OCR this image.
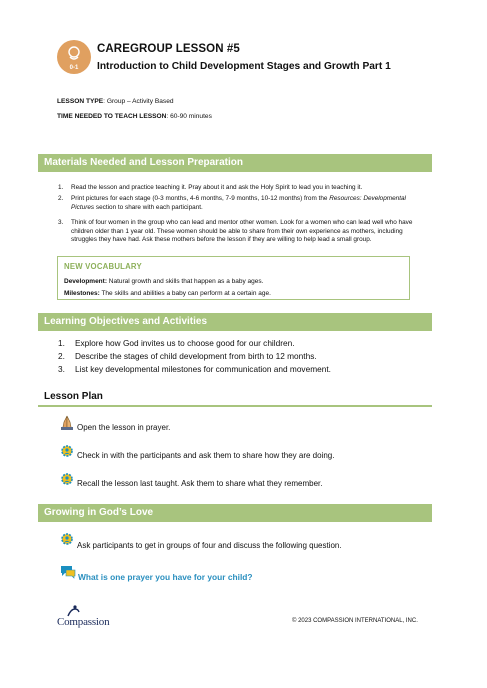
0-1
CAREGROUP LESSON #5
Introduction to Child Development Stages and Growth Part 1
LESSON TYPE: Group – Activity Based
TIME NEEDED TO TEACH LESSON: 60-90 minutes
Materials Needed and Lesson Preparation
1. Read the lesson and practice teaching it. Pray about it and ask the Holy Spirit to lead you in teaching it.
2. Print pictures for each stage (0-3 months, 4-6 months, 7-9 months, 10-12 months) from the Resources: Developmental Pictures section to share with each participant.
3. Think of four women in the group who can lead and mentor other women. Look for a women who can lead well who have children older than 1 year old. These women should be able to share from their own experience as mothers, including struggles they have had. Ask these mothers before the lesson if they are willing to help lead a small group.
NEW VOCABULARY
Development: Natural growth and skills that happen as a baby ages.
Milestones: The skills and abilities a baby can perform at a certain age.
Learning Objectives and Activities
1. Explore how God invites us to choose good for our children.
2. Describe the stages of child development from birth to 12 months.
3. List key developmental milestones for communication and movement.
Lesson Plan
Open the lesson in prayer.
Check in with the participants and ask them to share how they are doing.
Recall the lesson last taught. Ask them to share what they remember.
Growing in God’s Love
Ask participants to get in groups of four and discuss the following question.
What is one prayer you have for your child?
Compassion	© 2023 COMPASSION INTERNATIONAL, INC.
